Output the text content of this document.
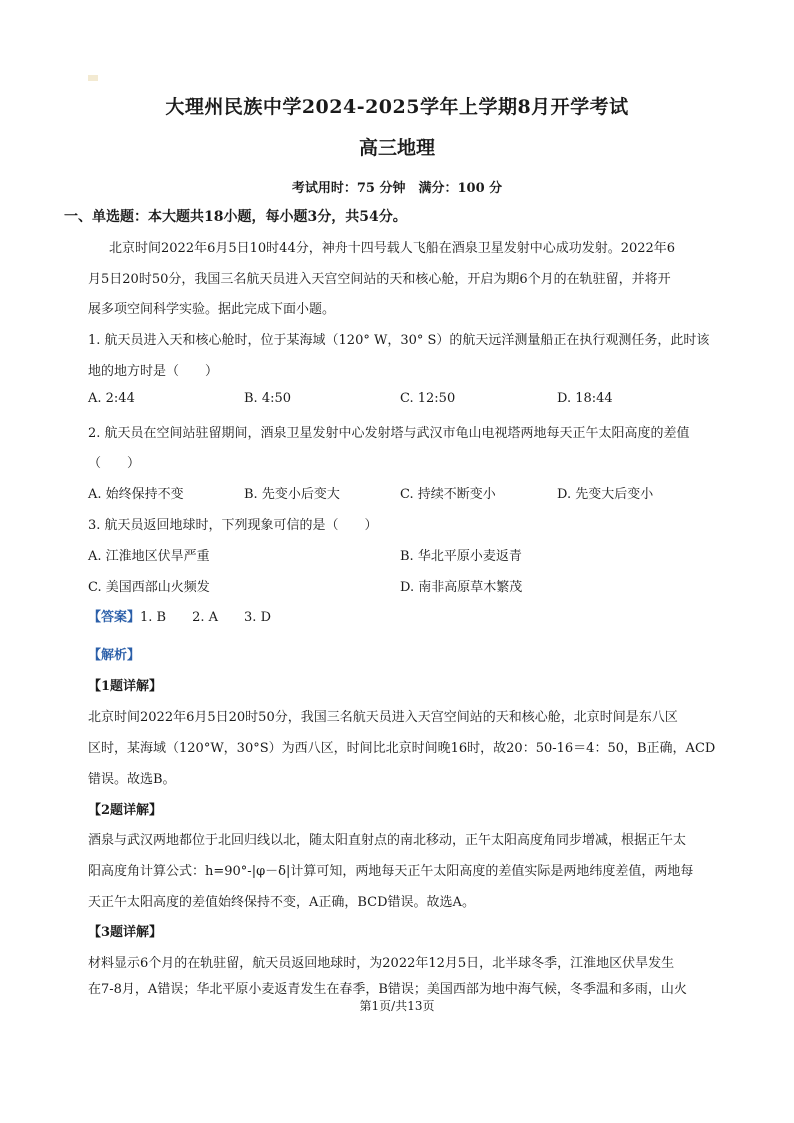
大理州民族中学2024-2025学年上学期8月开学考试
高三地理
考试用时：75 分钟　满分：100 分
一、单选题：本大题共18小题，每小题3分，共54分。
北京时间2022年6月5日10时44分，神舟十四号载人飞船在酒泉卫星发射中心成功发射。2022年6
月5日20时50分，我国三名航天员进入天宫空间站的天和核心舱，开启为期6个月的在轨驻留，并将开
展多项空间科学实验。据此完成下面小题。
1. 航天员进入天和核心舱时，位于某海域（120° W，30° S）的航天远洋测量船正在执行观测任务，此时该
地的地方时是（　　）
A. 2:44	B. 4:50	C. 12:50	D. 18:44
2. 航天员在空间站驻留期间，酒泉卫星发射中心发射塔与武汉市龟山电视塔两地每天正午太阳高度的差值
（　　）
A. 始终保持不变	B. 先变小后变大	C. 持续不断变小	D. 先变大后变小
3. 航天员返回地球时，下列现象可信的是（　　）
A. 江淮地区伏旱严重	B. 华北平原小麦返青
C. 美国西部山火频发	D. 南非高原草木繁茂
【答案】1. B　　2. A　　3. D
【解析】
【1题详解】
北京时间2022年6月5日20时50分，我国三名航天员进入天宫空间站的天和核心舱，北京时间是东八区
区时，某海域（120°W，30°S）为西八区，时间比北京时间晚16时，故20：50-16＝4：50，B正确，ACD
错误。故选B。
【2题详解】
酒泉与武汉两地都位于北回归线以北，随太阳直射点的南北移动，正午太阳高度角同步增减，根据正午太
阳高度角计算公式：h=90°-|φ－δ|计算可知，两地每天正午太阳高度的差值实际是两地纬度差值，两地每
天正午太阳高度的差值始终保持不变，A正确，BCD错误。故选A。
【3题详解】
材料显示6个月的在轨驻留，航天员返回地球时，为2022年12月5日，北半球冬季，江淮地区伏旱发生
在7-8月，A错误；华北平原小麦返青发生在春季，B错误；美国西部为地中海气候，冬季温和多雨，山火
第1页/共13页
